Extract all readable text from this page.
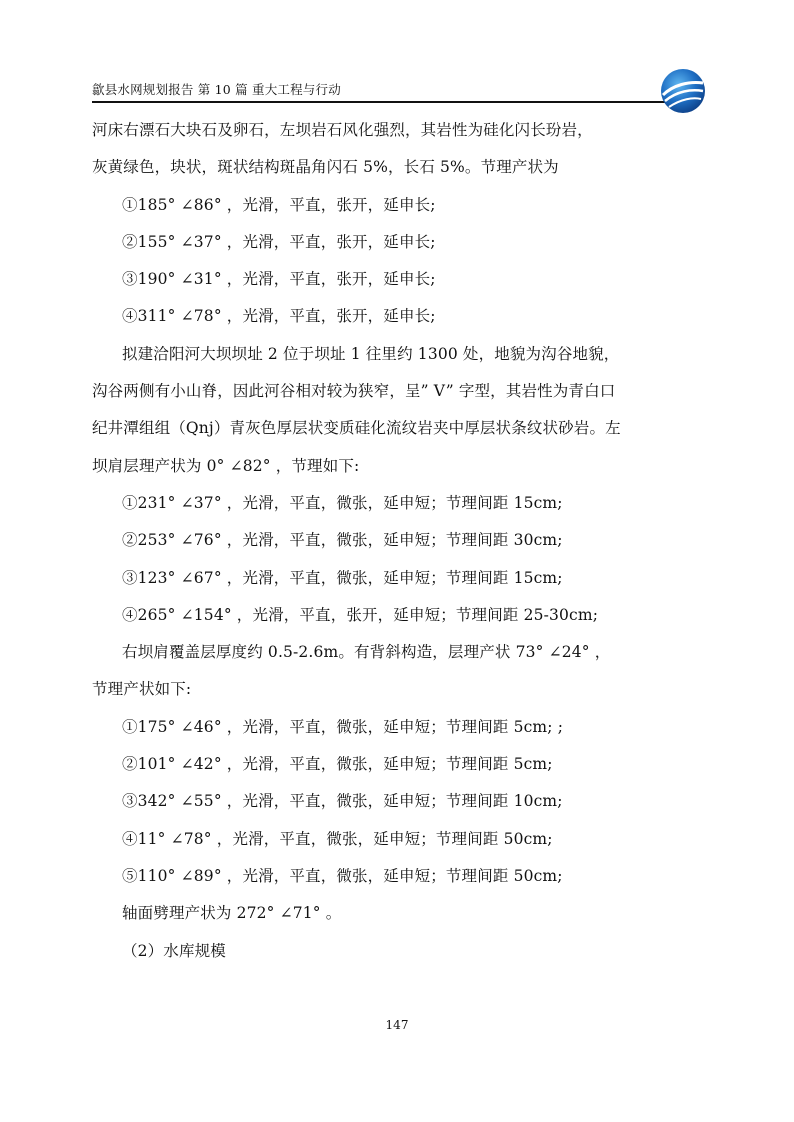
歙县水网规划报告 第 10 篇 重大工程与行动
河床右漂石大块石及卵石，左坝岩石风化强烈，其岩性为硅化闪长玢岩，
灰黄绿色，块状，斑状结构斑晶角闪石 5%，长石 5%。节理产状为
①185° ∠86° ，光滑，平直，张开，延申长;
②155° ∠37° ，光滑，平直，张开，延申长;
③190° ∠31° ，光滑，平直，张开，延申长;
④311° ∠78° ，光滑，平直，张开，延申长;
拟建洽阳河大坝坝址 2 位于坝址 1 往里约 1300 处，地貌为沟谷地貌，
沟谷两侧有小山脊，因此河谷相对较为狭窄，呈” V” 字型，其岩性为青白口
纪井潭组组（Qnj）青灰色厚层状变质硅化流纹岩夹中厚层状条纹状砂岩。左
坝肩层理产状为 0° ∠82° ，节理如下:
①231° ∠37° ，光滑，平直，微张，延申短；节理间距 15cm;
②253° ∠76° ，光滑，平直，微张，延申短；节理间距 30cm;
③123° ∠67° ，光滑，平直，微张，延申短；节理间距 15cm;
④265° ∠154° ，光滑，平直，张开，延申短；节理间距 25-30cm;
右坝肩覆盖层厚度约 0.5-2.6m。有背斜构造，层理产状 73° ∠24° ，
节理产状如下:
①175° ∠46° ，光滑，平直，微张，延申短；节理间距 5cm; ;
②101° ∠42° ，光滑，平直，微张，延申短；节理间距 5cm;
③342° ∠55° ，光滑，平直，微张，延申短；节理间距 10cm;
④11° ∠78° ，光滑，平直，微张，延申短；节理间距 50cm;
⑤110° ∠89° ，光滑，平直，微张，延申短；节理间距 50cm;
轴面劈理产状为 272° ∠71° 。
（2）水库规模
147
